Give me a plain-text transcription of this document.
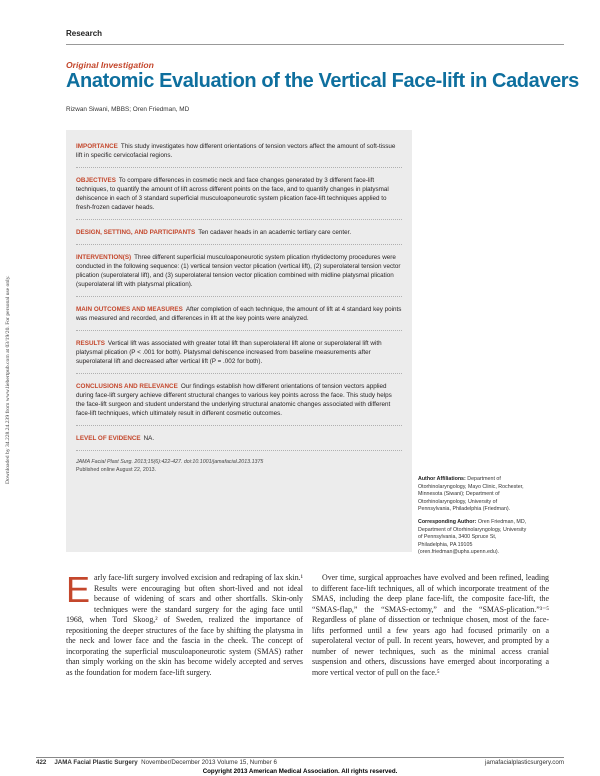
Downloaded by 34.228.24.239 from www.liebertpub.com at 03/19/20. For personal use only.
Research
Original Investigation
Anatomic Evaluation of the Vertical Face-lift in Cadavers
Rizwan Siwani, MBBS; Oren Friedman, MD
IMPORTANCE This study investigates how different orientations of tension vectors affect the amount of soft-tissue lift in specific cervicofacial regions.
OBJECTIVES To compare differences in cosmetic neck and face changes generated by 3 different face-lift techniques, to quantify the amount of lift across different points on the face, and to quantify changes in platysmal dehiscence in each of 3 standard superficial musculoaponeurotic system plication face-lift techniques applied to fresh-frozen cadaver heads.
DESIGN, SETTING, AND PARTICIPANTS Ten cadaver heads in an academic tertiary care center.
INTERVENTION(S) Three different superficial musculoaponeurotic system plication rhytidectomy procedures were conducted in the following sequence: (1) vertical tension vector plication (vertical lift), (2) superolateral tension vector plication (superolateral lift), and (3) superolateral tension vector plication combined with midline platysmal plication (superolateral lift with platysmal plication).
MAIN OUTCOMES AND MEASURES After completion of each technique, the amount of lift at 4 standard key points was measured and recorded, and differences in lift at the key points were analyzed.
RESULTS Vertical lift was associated with greater total lift than superolateral lift alone or superolateral lift with platysmal plication (P < .001 for both). Platysmal dehiscence increased from baseline measurements after superolateral lift and decreased after vertical lift (P = .002 for both).
CONCLUSIONS AND RELEVANCE Our findings establish how different orientations of tension vectors applied during face-lift surgery achieve different structural changes to various key points across the face. This study helps the face-lift surgeon and student understand the underlying structural anatomic changes associated with different face-lift techniques, which ultimately result in different cosmetic outcomes.
LEVEL OF EVIDENCE NA.
JAMA Facial Plast Surg. 2013;15(6):422-427. doi:10.1001/jamafacial.2013.1375
Published online August 22, 2013.

Author Affiliations: Department of Otorhinolaryngology, Mayo Clinic, Rochester, Minnesota (Siwani); Department of Otorhinolaryngology, University of Pennsylvania, Philadelphia (Friedman).

Corresponding Author: Oren Friedman, MD, Department of Otorhinolaryngology, University of Pennsylvania, 3400 Spruce St, Philadelphia, PA 19105 (oren.friedman@uphs.upenn.edu).

Early face-lift surgery involved excision and redraping of lax skin.¹ Results were encouraging but often short-lived and not ideal because of widening of scars and other shortfalls. Skin-only techniques were the standard surgery for the aging face until 1968, when Tord Skoog,² of Sweden, realized the importance of repositioning the deeper structures of the face by shifting the platysma in the neck and lower face and the fascia in the cheek. The concept of incorporating the superficial musculoaponeurotic system (SMAS) rather than simply working on the skin has become widely accepted and serves as the foundation for modern face-lift surgery.
Over time, surgical approaches have evolved and been refined, leading to different face-lift techniques, all of which incorporate treatment of the SMAS, including the deep plane face-lift, the composite face-lift, the “SMAS-flap,” the “SMAS-ectomy,” and the “SMAS-plication.”³⁻⁵ Regardless of plane of dissection or technique chosen, most of the face-lifts performed until a few years ago had focused primarily on a superolateral vector of pull. In recent years, however, and prompted by a number of newer techniques, such as the minimal access cranial suspension and others, discussions have emerged about incorporating a more vertical vector of pull on the face.⁵
422 JAMA Facial Plastic Surgery November/December 2013 Volume 15, Number 6	jamafacialplasticsurgery.com
Copyright 2013 American Medical Association. All rights reserved.
